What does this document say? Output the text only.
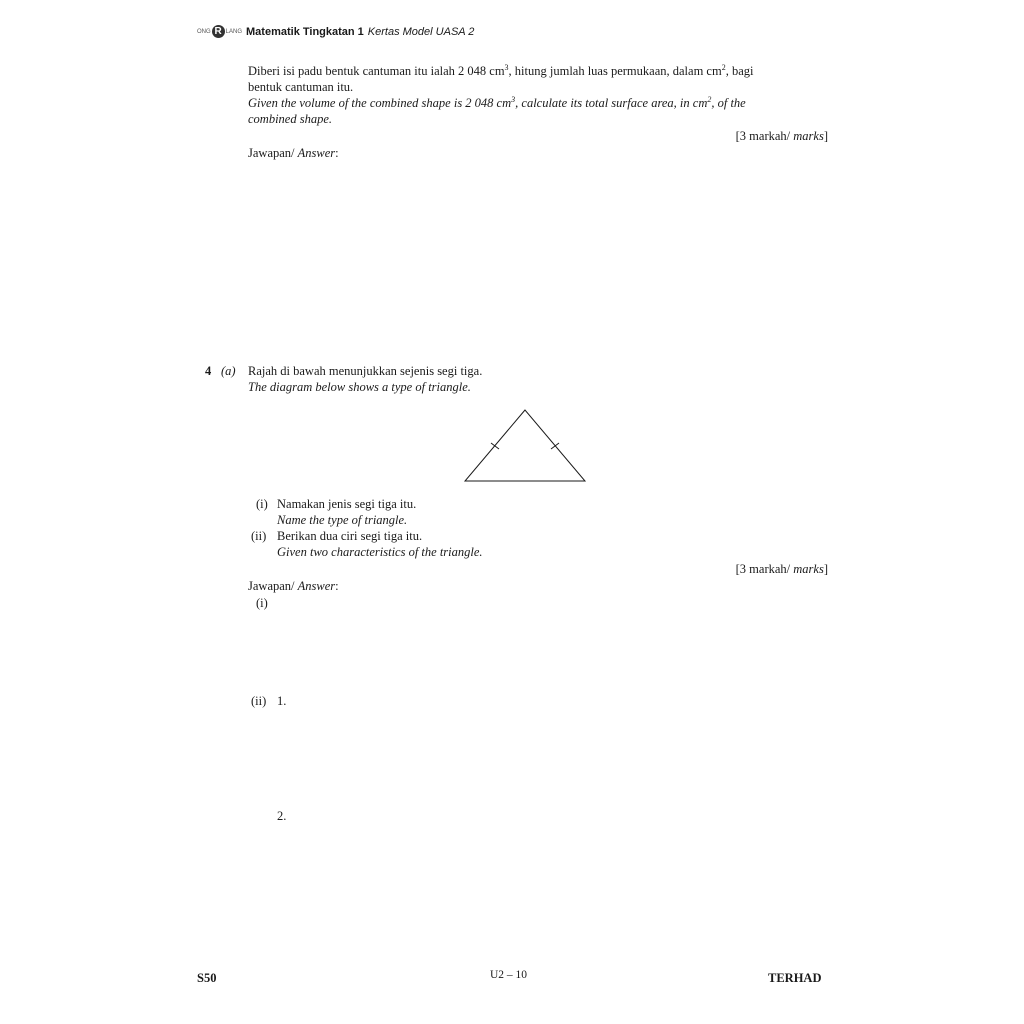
ONG R LANG Matematik Tingkatan 1 Kertas Model UASA 2
Diberi isi padu bentuk cantuman itu ialah 2 048 $cm^3$, hitung jumlah luas permukaan, dalam $cm^2$, bagi
bentuk cantuman itu.
Given the volume of the combined shape is 2 048 $cm^3$, calculate its total surface area, in $cm^2$, of the
combined shape.
[3 markah/ marks]
Jawapan/ Answer:
4 (a) Rajah di bawah menunjukkan sejenis segi tiga.
The diagram below shows a type of triangle.
(i) Namakan jenis segi tiga itu.
Name the type of triangle.
(ii) Berikan dua ciri segi tiga itu.
Given two characteristics of the triangle.
[3 markah/ marks]
Jawapan/ Answer:
(i)
(ii) 1.
2.
S50	U2 – 10	TERHAD
